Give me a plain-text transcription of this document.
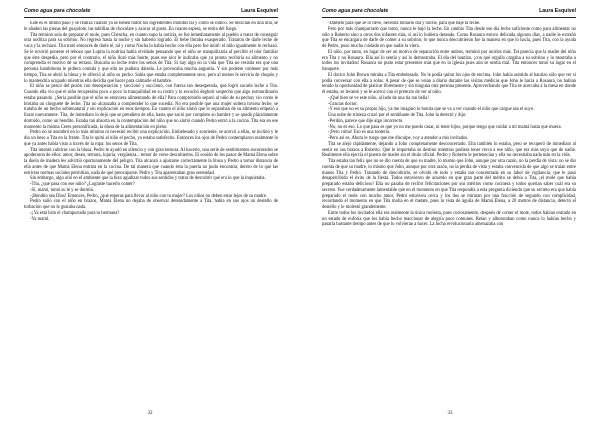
Como agua para chocolate	Laura Esquivel

Este es el último paso y se realiza cuando ya se tienen todos los ingredientes molidos tal y como se indicó. Se mezclan en una olla, se le añaden las piezas del guajolote, las tablillas de chocolate y azúcar al gusto. En cuanto espesa, se retira del fuego.

Tita terminó sola de preparar el mole, pues Chencha, en cuanto supo la noticia, se fue inmediatamente al pueblo a tratar de conseguir otra nodriza para su sobrino. No regresó hasta la noche y sin haberlo logrado. El bebé lloraba exasperado. Trataron de darle leche de vaca y la rechazó. Tita trató entonces de darle té, tal y como Nacha lo había hecho con ella pero fue inútil: el niño igualmente lo rechazó. Se le ocurrió ponerse el rebozo que Lupita la nodriza había olvidado pensando que el niño se tranquilizaría al percibir el olor familiar que éste despedía, pero por el contrario, el niño lloró más fuerte, pues ese olor le indicaba que ya pronto recibiría su alimento y no comprendía el motivo de su retraso. Buscaba su leche entre los senos de Tita. Si hay algo en la vida que Tita no resistía era que una persona hambrienta le pidiera comida y que ella no pudiera dársela. Le provocaba mucha angustia. Y sin poderse contener por más tiempo, Tita se abrió la blusa y le ofreció al niño su pecho. Sabía que estaba completamente seco, pero al menos le serviría de chupón y lo mantendría ocupado mientras ella decidía qué hacer para calmarle el hambre.

El niño se pescó del pezón con desesperación y succionó y succionó, con fuerza tan desesperada, que logró sacarle leche a Tita. Cuando ella vio que el niño recuperaba poco a poco la tranquilidad en su rostro y lo escuchó deglutir sospechó que algo extraordinario estaba pasando. ¿Sería posible que el niño se estuviera alimentando de ella? Para comprobarlo separó al niño de su pechuy vio como le brotaba un chisguete de leche. Tita no alcanzaba a comprender lo que sucedía. No era posible que una mujer soltera tuviera leche, se trataba de un hecho sobrenatural y sin explicación en esos tiempos. En cuanto el niño sintió que lo separaban de su alimento empezó a llorar nuevamente. Tita, de inmediato lo dejó que se prendiera de ella, hasta que sació por completo su hambre y se quedó plácidamente dormido, como un bendito. Estaba tan absorta en la contemplación del niño que no sintió cuando Pedro entró a la cocina. Tita era en ese momento la misma Ceres personificada, la diosa de la alimentación en pleno.

Pedro no se asombró en lo más mínimo ni necesitó recibir una explicación. Embelesado y sonriente, se acercó a ellas, se inclinó y le dio un beso a Tita en la frente. Tita le quitó al niño el pecho, ya estaba satisfecho. Entonces los ojos de Pedro contemplaron realmente lo que ya antes había visto a través de la ropa: los senos de Tita.

Tita intentó cubrirse con la blusa. Pedro le ayudó en silencio y con gran ternura. Al hacerlo, una serie de sentimientos encontrados se apoderaron de ellos: amor, deseo, ternura, lujuria, vergüenza... temor de verse descubiertos. El sonido de los pasos de Mamá Elena sobre la duela de madera les advirtió oportunamente del peligro. Tita alcanzó a ajustarse correctamente la blusa y Pedro a tomar distancia de ella antes de que Mamá Elena entrara en la cocina. De tal manera que cuando ésta la puerta no pudo encontrar, dentro de lo que las estrictas normas sociales permitían, nada de qué preocuparse. Pedro y Tita aparentaban gran serenidad.

Sin embargo, algo olió en el ambiente que la hizo agudizar todos sus sentidos y tratar de descubrir qué era lo que la inquietaba.

-Tita, ¿qué pasa con ese niño? ¿Lograste hacerlo comer?

-Sí, mami, tomó su té y se durmió.

-¡Bendito sea Dios! Entonces, Pedro, ¿qué esperas para llevar al niño con tu mujer? Los niños no deben estar lejos de su madre.

Pedro salió con el niño en brazos, Mamá Elena no dejaba de observar detenidamente a Tita, había en sus ojos un destello de turbación que no le gustaba nada.

-¿Ya está listo el champurrado para tu hermana?

-Ya mami.

32
Como agua para chocolate	Laura Esquivel

-Dámelo para que se lo lleve, necesita tomarlo día y noche, para que baje la leche.

Pero por más champurrado que tomó, nunca le bajó la leche. En cambio Tita desde ese día leche suficiente como para alimentar no sólo a Roberto sino a otros dos infantes más, si así lo hubiera deseado. Como Rosaura estuvo delicada algunos días, a nadie le extrañó que Tita se encargara de darle de comer a su sobrino; lo que nunca descubrieron fue la manera en que lo hacía, pues Tita, con la ayuda de Pedro, puso mucho cuidado en que nadie la viera.

El niño, por tanto, en lugar de ser un motivo de separación entre ambos, terminó por unirlos más. Tal parecía que la madre del niño era Tita y no Rosaura. Ella así lo sentía y así lo demostraba. El día del bautizo, ¡con qué orgullo cargaba a su sobrino y lo mostraba a todos los invitados! Rosaura no pudo estar presentes más que en la iglesia pues aún se sentía mal. Tita entonces tomó su lugar en el banquete.

El doctor John Brown miraba a Tita embelesado. No le podía quitar los ojos de encima. John había asistido al bautizo sólo que ver si podía conversar con ella a solas. A pesar de que se veían a diario durante las visitas médicas que John le hacía a Rosaura, no habían tenido la oportunidad de platicar libremente y sin ninguna otra persona presente. Aprovechando que Tita se acercaba a la mesa en donde él estaba, se levantó y se le acercó con el pretexto de ver al niño.

-¡Qué bien se ve este niño, al lado de una tía tan bella!

-Gracias doctor.

-Y eso que no es su propio hijo, ya me imagino lo bonita que se va a ver cuando el niño que cargue sea el suyo.

Una nube de tristeza cruzó por el semblante de Tita. John la detectó y dijo:

-Perdón, parece que dije algo incorrecto.

-No, no es eso. Lo que pasa es que yo no me puedo casar, ni tener hijos, porque tengo que cuidar a mi mamá hasta que muera.

-¡Pero cómo! Eso es una tontería.

-Pero así es. Ahora le ruego que me disculpe, voy a atender a mis invitados.

Tita se alejó rápidamente, dejando a John completamente desconcertado. Ella también lo estaba, pero se recuperó de inmediato al sentir en sus brazos a Roberto. Qué le importaba su destino mientras pudiera tener cerca a ese niño, que era más suyo que de nadie. Realmente ella ejercía el puesto de madre sin el título oficial. Pedro y Roberto le pertenecían y ella no necesitaba nada más en la vida.

Tita estaba tan feliz que no se dio cuenta de que su madre, lo mismo que John, aunque por otra razón, no la perdía de vista: no se dio cuenta de que su madre, lo mismo que John, aunque por otra razón, no la perdía de vista y estaba convencida de que algo se traían entre manos Tita y Pedro. Tratando de descubrirlo, se olvidó de todo y estaba tan concentrada en su labor de vigilancia, que le pasó desapercibido el éxito de la fiesta. Todos estuvieron de acuerdo en que gran parte del mérito se debía a Tita, ¡el mole que había preparado estaba delicioso! Ella no paraba de recibir felicitaciones por sus méritos como cocinera y todos querían saber cuál era su secreto. Fue verdaderamente lamentable que en el momento en que Tita respondía a esta pregunta diciendo que su secreto era que había preparado el mole con mucho amor, Pedro estuviera cerca y los dos se miraran por una fracción de segundo con complicidad, recordando el momento en que Tita molía en el metate, pues la vista de águila de Mamá Elena, a 20 metros de distancia, detectó el destello y le molestó grandemente.

Entre todos los invitados ella era realmente la única molesta, pues curiosamente, después de comer el mole, todos habían entrado en un estado de euforia que los había hecho reaccionar de alegría poco comunes. Reían y alborotaban como nunca lo habían hecho y pasaría bastante tiempo antes de que lo volvieran a hacer. La lucha revolucionaria amenazaba con

33
